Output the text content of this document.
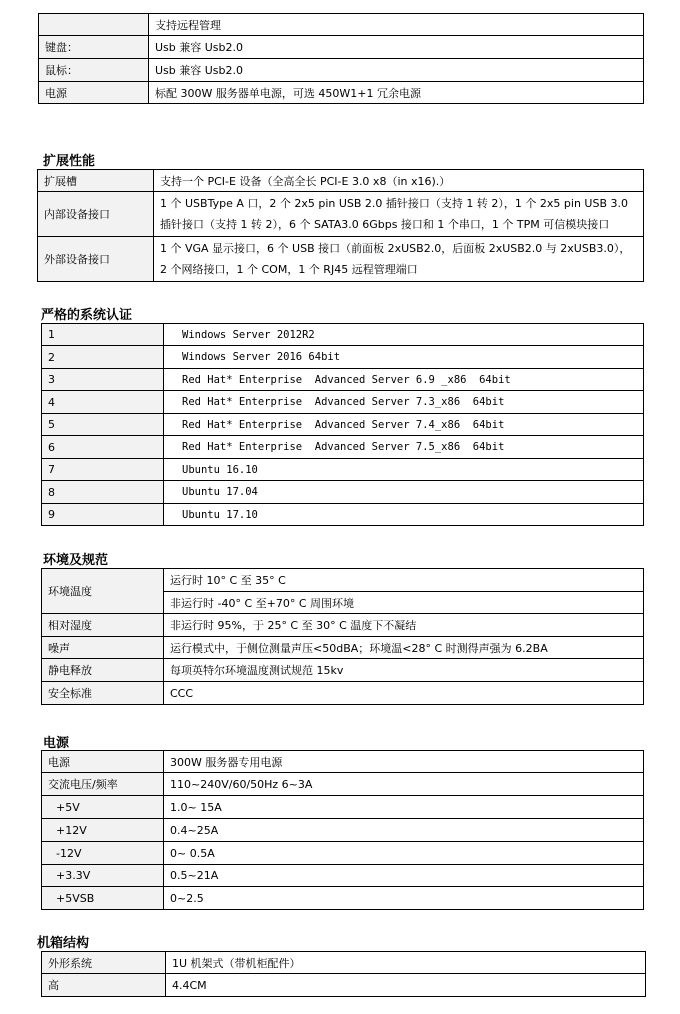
	支持远程管理
键盘：	Usb 兼容 Usb2.0
鼠标：	Usb 兼容 Usb2.0
电源	标配 300W 服务器单电源，可选 450W1+1 冗余电源
扩展性能
扩展槽	支持一个 PCI-E 设备（全高全长 PCI-E 3.0 x8（in x16).）
内部设备接口	1 个 USBType A 口，2 个 2x5 pin USB 2.0 插针接口（支持 1 转 2），1 个 2x5 pin USB 3.0 插针接口（支持 1 转 2），6 个 SATA3.0 6Gbps 接口和 1 个串口，1 个 TPM 可信模块接口
外部设备接口	1 个 VGA 显示接口，6 个 USB 接口（前面板 2xUSB2.0，后面板 2xUSB2.0 与 2xUSB3.0），2 个网络接口，1 个 COM，1 个 RJ45 远程管理端口
严格的系统认证
1	Windows Server 2012R2
2	Windows Server 2016 64bit
3	Red Hat* Enterprise  Advanced Server 6.9 _x86  64bit
4	Red Hat* Enterprise  Advanced Server 7.3_x86  64bit
5	Red Hat* Enterprise  Advanced Server 7.4_x86  64bit
6	Red Hat* Enterprise  Advanced Server 7.5_x86  64bit
7	Ubuntu 16.10
8	Ubuntu 17.04
9	Ubuntu 17.10
环境及规范
环境温度	运行时 10° C 至 35° C
	非运行时 -40° C 至+70° C 周围环境
相对湿度	非运行时 95%，于 25° C 至 30° C 温度下不凝结
噪声	运行模式中，于侧位测量声压<50dBA；环境温<28° C 时测得声强为 6.2BA
静电释放	每项英特尔环境温度测试规范 15kv
安全标准	CCC
电源
电源	300W 服务器专用电源
交流电压/频率	110~240V/60/50Hz 6~3A
+5V	1.0~ 15A
+12V	0.4~25A
-12V	0~ 0.5A
+3.3V	0.5~21A
+5VSB	0~2.5
机箱结构
外形系统	1U 机架式（带机柜配件）
高	4.4CM
